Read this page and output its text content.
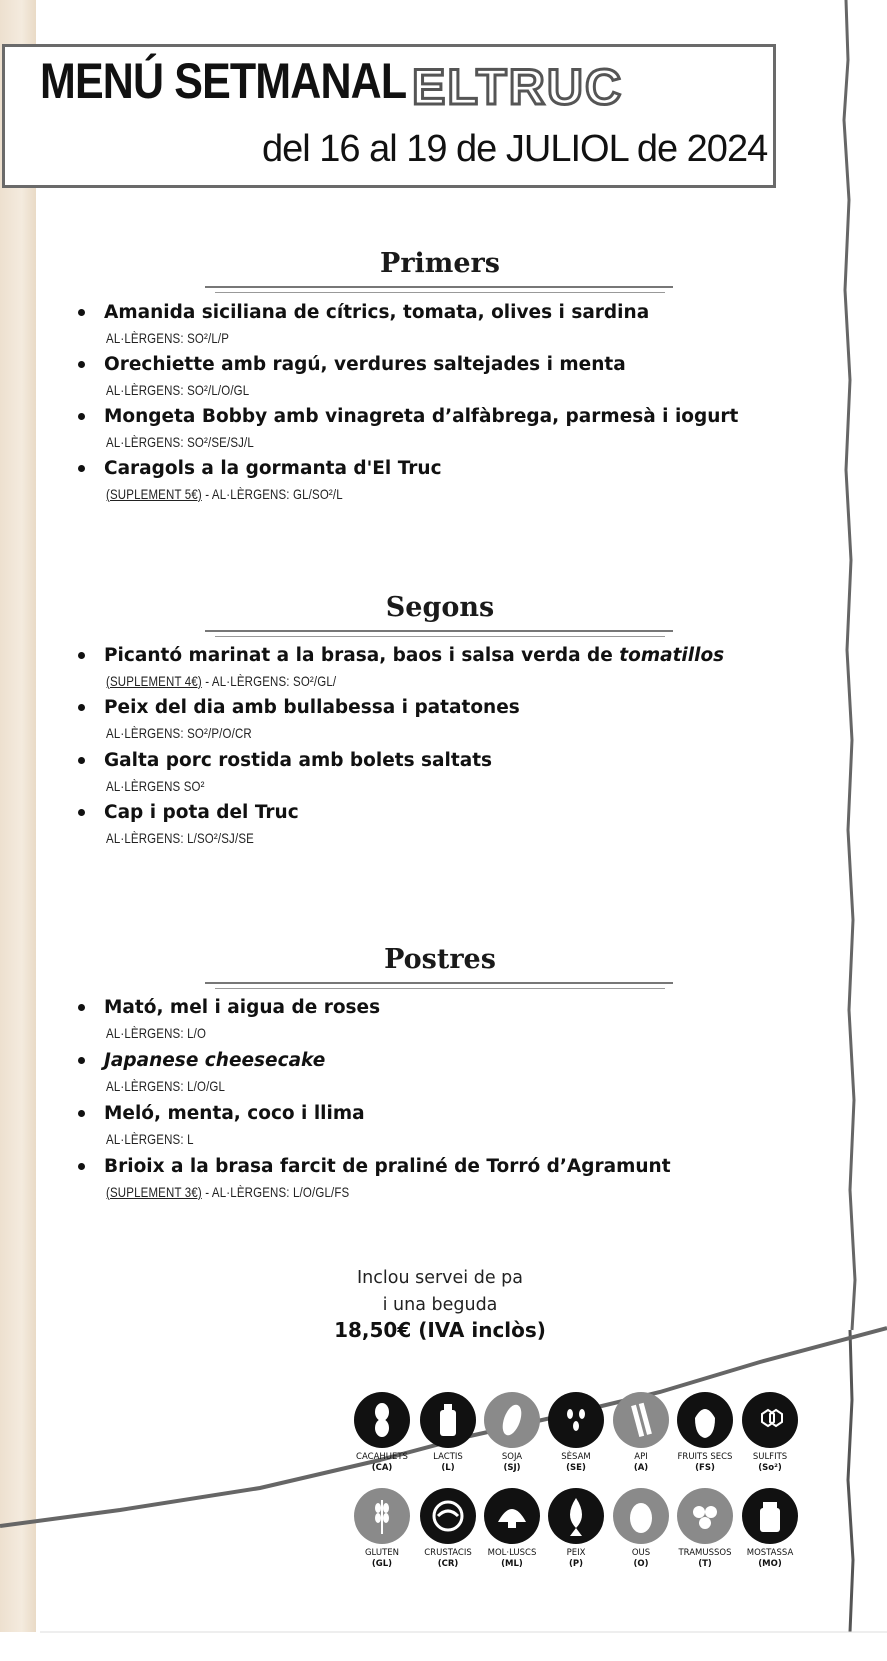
MENÚ SETMANAL ELTRUC
del 16 al 19 de JULIOL de 2024
Primers
Amanida siciliana de cítrics, tomata, olives i sardina
AL·LÈRGENS: SO²/L/P
Orechiette amb ragú, verdures saltejades i menta
AL·LÈRGENS: SO²/L/O/GL
Mongeta Bobby amb vinagreta d’alfàbrega, parmesà i iogurt
AL·LÈRGENS: SO²/SE/SJ/L
Caragols a la gormanta d'El Truc
(SUPLEMENT 5€) - AL·LÈRGENS: GL/SO²/L
Segons
Picantó marinat a la brasa, baos i salsa verda de tomatillos
(SUPLEMENT 4€) - AL·LÈRGENS: SO²/GL/
Peix del dia amb bullabessa i patatones
AL·LÈRGENS: SO²/P/O/CR
Galta porc rostida amb bolets saltats
AL·LÈRGENS SO²
Cap i pota del Truc
AL·LÈRGENS: L/SO²/SJ/SE
Postres
Mató, mel i aigua de roses
AL·LÈRGENS: L/O
Japanese cheesecake
AL·LÈRGENS: L/O/GL
Meló, menta, coco i llima
AL·LÈRGENS: L
Brioix a la brasa farcit de praliné de Torró d’Agramunt
(SUPLEMENT 3€) - AL·LÈRGENS: L/O/GL/FS
Inclou servei de pa
i una beguda
18,50€ (IVA inclòs)
CACAHUETS
(CA)
LACTIS
(L)
SOJA
(SJ)
SÈSAM
(SE)
API
(A)
FRUITS SECS
(FS)
SULFITS
(So²)
GLUTEN
(GL)
CRUSTACIS
(CR)
MOL·LUSCS
(ML)
PEIX
(P)
OUS
(O)
TRAMUSSOS
(T)
MOSTASSA
(MO)
